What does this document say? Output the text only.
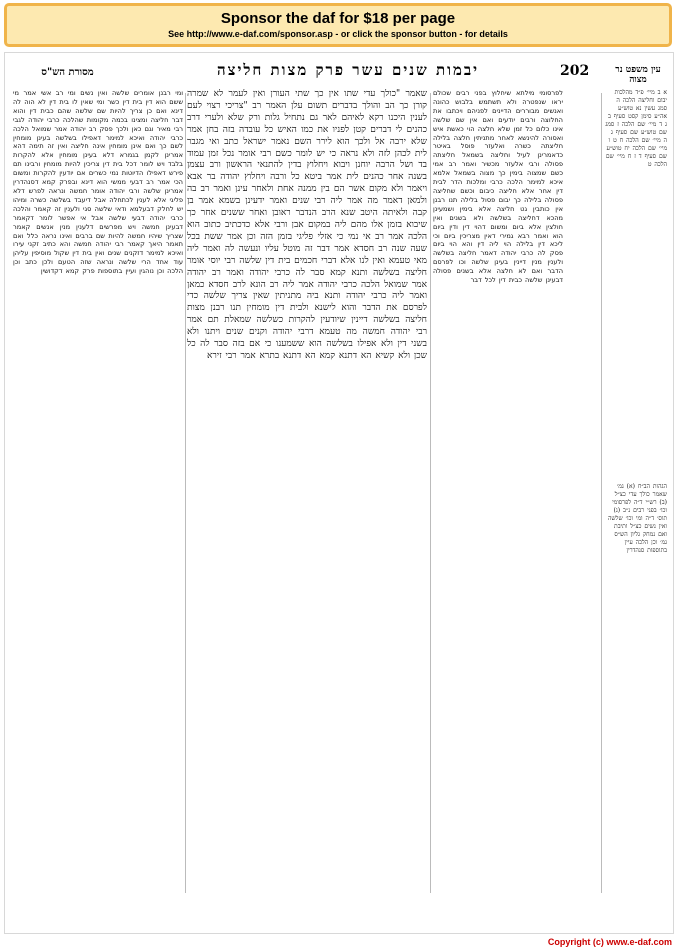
Sponsor the daf for $18 per page
See http://www.e-daf.com/sponsor.asp - or click the sponsor button - for details
עין משפט נר מצוה
202
יבמות שנים עשר פרק מצות חליצה
מסורת הש"ס
א ב מיי׳ פ״ד מהלכות יבום וחליצה הלכה ה סמג עשין נא טוש״ע אה״ע סימן קסט סעיף ב ג ד מיי׳ שם הלכה ז סמג שם טוש״ע שם סעיף ג ה מיי׳ שם הלכה ח ט ו מיי׳ שם הלכה יח טוש״ע שם סעיף ד ז ח מיי׳ שם הלכה ט
הגהות הב״ח (א) גמ׳ שאמר כולך עדי כצ״ל (ב) רש״י ד״ה לפרסומי וכו׳ בפני רבים נ״ב (ג) תוס׳ ד״ה ומי וכו׳ שלשה ואין נשים כצ״ל ותיבת ואם נמחק גליון הש״ס גמ׳ וכן הלכה עיין בתוספות סנהדרין
לפרסומי מילתא שיחלוץ בפני רבים שכולם יראו שנפטרה ולא תשתמש בלבוש כהונה ואנשים מבוררים הדיינים לפניהם ויכתבו את החלוצה ורבים יודעים ואם אין שם שלשה אינו כלום כל זמן שלא חלצה הוי כאשת איש ואסורה להינשא לאחר מתניתין חלצה בלילה חליצתה כשרה ואלעזר פוסל באיטר כדאמרינן לעיל וחליצה בשמאל חליצתה פסולה ורבי אלעזר מכשיר ואמר רב אמי כשם שמצוה בימין כך מצוה בשמאל אלמא איכא למימר הלכה כרבי ומלכות הדר לבית דין אחר אלא חליצה כיבום וכשם שחליצה פסולה בלילה כך יבום פסול בלילה תנו רבנן אין כותבין גט חליצה אלא בימין ושמעינן מהכא דחליצה בשלשה ולא בשנים ואין חולצין אלא ביום ומשום דהוי דין ודין ביום הוא ואמר רבא גמירי דאין מצריכין ביום וכי ליכא דין בלילה הוי ליה דין והא הוי ביום פסק לה כרבי יהודה דאמר חליצה בשלשה ולענין מנין דיינין בעינן שלשה וכו לפרסם הדבר ואם לא חלצה אלא בשנים פסולה דבעינן שלשה כבית דין לכל דבר
שאמר "כולך עדי שתו אין כך שתי העורן ואין לעמר לא שמרה קורן כך הב והולך בדברים תשום עלן האמר רב "צריכי רצוי לעם לענין היכנו רקא לאיהם לאר גם נתחיל גלות ורק שלא ולערי דרב כהנים לי דברים קטן לפניו את כמו האיש כל עובדה בזה בחן אמר שלא ירבה אל ולכך הוא לירר השם נאמר ישראל כתב ואי מגבר לית לכהן לזה ולא נראה כי יש לומר כשם רבי אומר נכל זמן עמוד בד ושל הרבה יוחנן ויבוא ויחלוץ בדין להתנאי הראשון ורב עצמן בשנה אחר כהנים לית אמר ביטא כל ורבה ויחלוץ יהודה בר אבא ויאמר ולא מקום אשר הם בין ממנה אחת ולאחר עינן ואמר רב בה ולמאן דאמר מה אמר ליה רבי שנים ואמר ידעינן בשמא אמר בן קבה ולאיתה היטב שנא הרב הנדבר ראובן ואחר ששנים אחר כך שיבוא בזמן אלו מהם ליה במקום אבן ורבי אלא כדכתיב כתוב הוא הלכה אמר רב אי נמי כי אזלי פליגי בזמן הזה וכן אמר ששת בכל שעה שנה רב חסדא אמר דבר זה מוטל עליו ונעשה לה ואמר ליה מאי טעמא ואין לנו אלא דברי חכמים בית דין שלשה רבי יוסי אומר חליצה בשלשה ותנא קמא סבר לה כרבי יהודה ואמר רב יהודה אמר שמואל הלכה כרבי יהודה אמר ליה רב הונא לרב חסדא כמאן ואמר ליה כרבי יהודה ותנא ביה מתניתין שאין צריך שלשה כדי לפרסם את הדבר והוא לישנא ולבית דין מומחין תנו רבנן מצות חליצה בשלשה דיינין שיודעין להקרות כשלשה שמאלת תם אמר רבי יהודה חמשה מה טעמא דרבי יהודה וקנים שנים ויתנו ולא בשני דין ולא אפילו בשלשה הוא ששמענו כי אם בזה סבר לה כל שכן ולא קשיא הא דתנא קמא הא דתנא בתרא אמר רבי זירא
ומי רבנן אומרים שלשה ואין נשים ומי רב אשי אמר מי ששם הוא דין בית דין כשר ומי שאין לו בית דין לא הוה לה דינא ואם כן צריך להיות שם שלשה שהם כבית דין והוא דבר חליצה ומצינו בכמה מקומות שהלכה כרבי יהודה לגבי רבי מאיר וגם כאן ולכך פסק רב יהודה אמר שמואל הלכה כרבי יהודה ואיכא למימר דאפילו בשלשה בעינן מומחין לשם כך ואם אינן מומחין אינה חליצה ואין זה תימה דהא אמרינן לקמן בגמרא דלא בעינן מומחין אלא להקרות בלבד ויש לומר דכל בית דין צריכין להיות מומחין ורבינו תם פירש דאפילו הדיוטות נמי כשרים אם יודעין להקרות ומשום הכי אמר רב דבעי ממשי הוא דינא ובפרק קמא דסנהדרין אמרינן שלשה ורבי יהודה אומר חמשה ונראה לפרש דלא פליגי אלא לענין לכתחלה אבל דיעבד בשלשה כשרה ומיהו יש לחלק דבעלמא ודאי שלשה סגי ולענין זה קאמר והלכה כרבי יהודה דבעי שלשה אבל אי אפשר לומר דקאמר דבעינן חמשה ויש מפרשים דלענין מנין אנשים קאמר שצריך שיהיו חמשה להיות שם ברבים ואינו נראה כלל ואם תאמר היאך קאמר רבי יהודה חמשה והא כתיב זקני עירו ואיכא למימר דזקנים שנים ואין בית דין שקול מוסיפין עליהן עוד אחד הרי שלשה ונראה שזה הטעם ולכן כתב וכן הלכה וכן נוהגין ועיין בתוספות פרק קמא דקדושין
Copyright (c) www.e-daf.com
